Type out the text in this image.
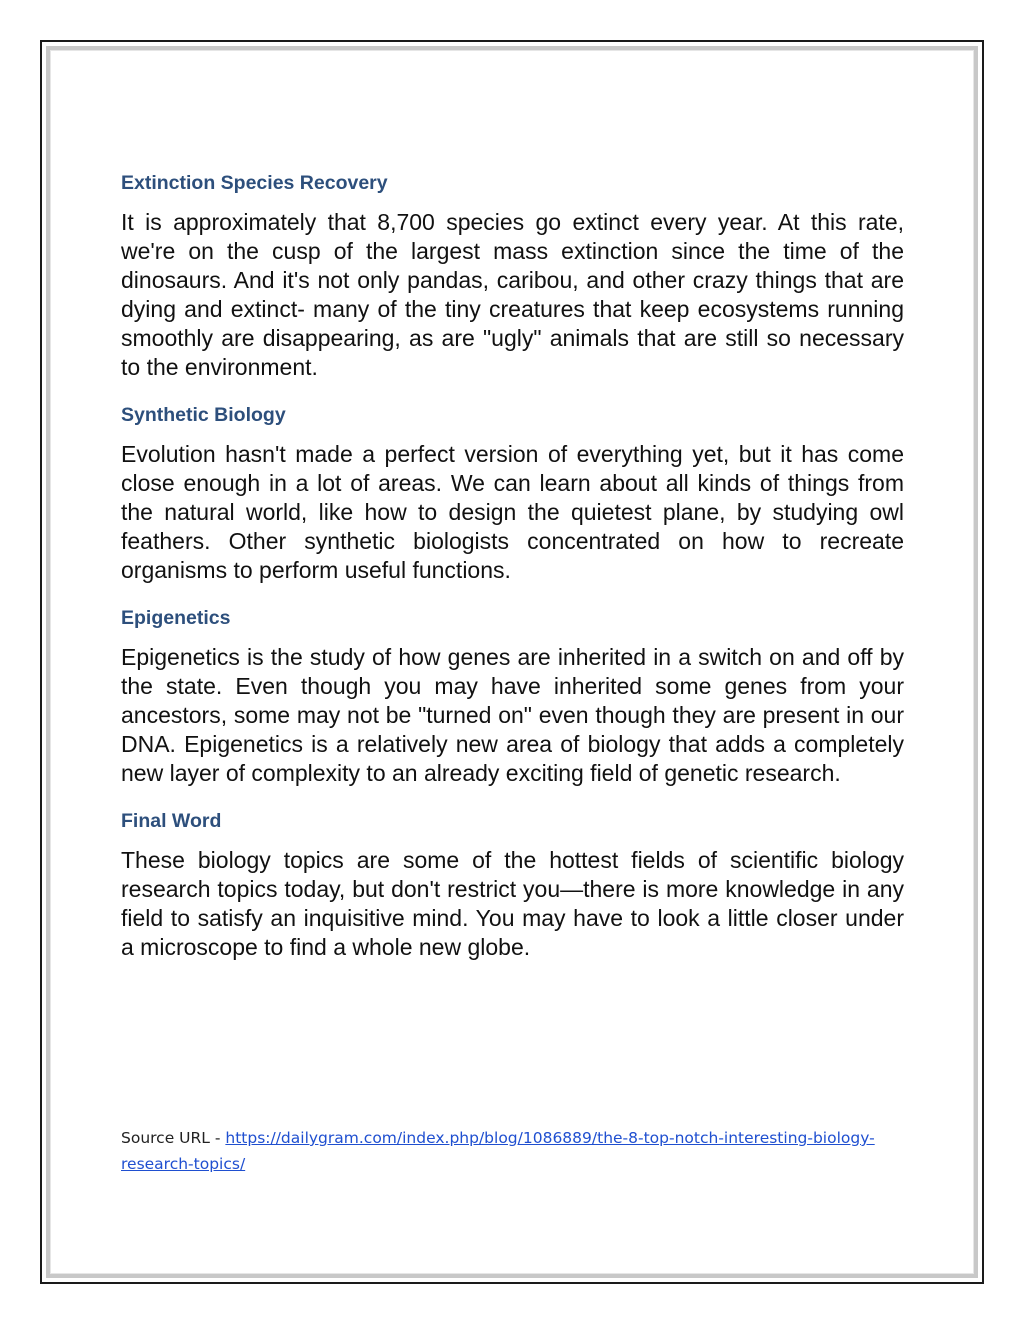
Extinction Species Recovery

It is approximately that 8,700 species go extinct every year. At this rate, we're on the cusp of the largest mass extinction since the time of the dinosaurs. And it's not only pandas, caribou, and other crazy things that are dying and extinct- many of the tiny creatures that keep ecosystems running smoothly are disappearing, as are "ugly" animals that are still so necessary to the environment.

Synthetic Biology

Evolution hasn't made a perfect version of everything yet, but it has come close enough in a lot of areas. We can learn about all kinds of things from the natural world, like how to design the quietest plane, by studying owl feathers. Other synthetic biologists concentrated on how to recreate organisms to perform useful functions.

Epigenetics

Epigenetics is the study of how genes are inherited in a switch on and off by the state. Even though you may have inherited some genes from your ancestors, some may not be "turned on" even though they are present in our DNA. Epigenetics is a relatively new area of biology that adds a completely new layer of complexity to an already exciting field of genetic research.

Final Word

These biology topics are some of the hottest fields of scientific biology research topics today, but don't restrict you—there is more knowledge in any field to satisfy an inquisitive mind. You may have to look a little closer under a microscope to find a whole new globe.

Source URL - https://dailygram.com/index.php/blog/1086889/the-8-top-notch-interesting-biology-research-topics/
